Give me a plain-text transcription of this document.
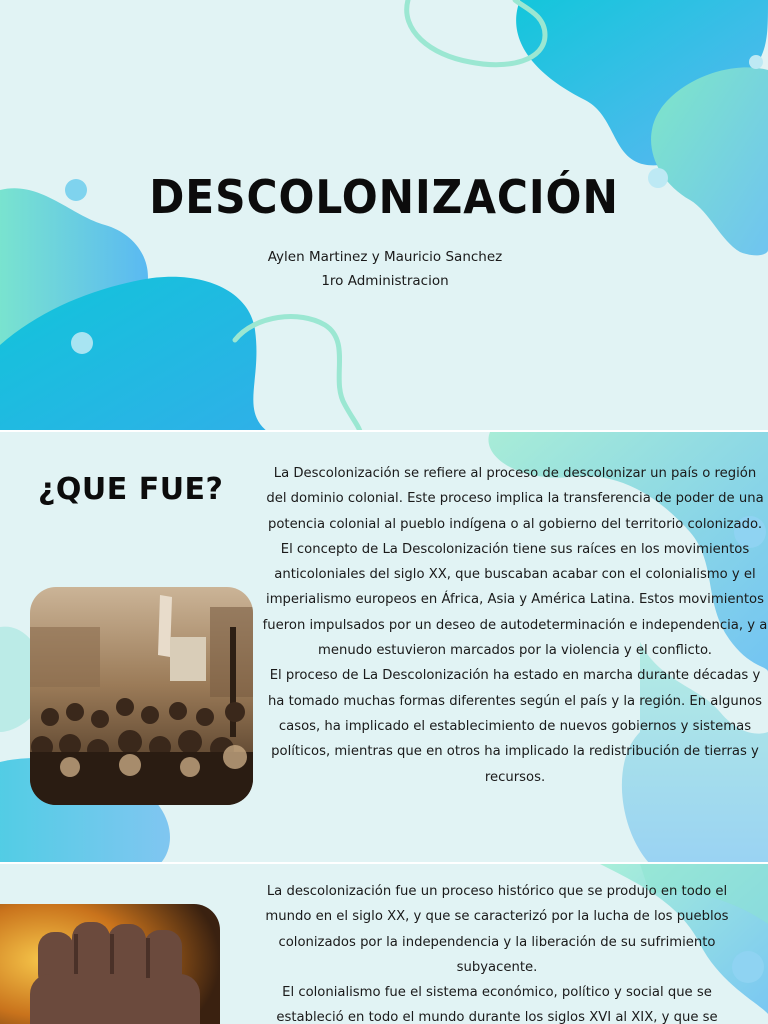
DESCOLONIZACIÓN

Aylen Martinez y Mauricio Sanchez

1ro Administracion

¿QUE FUE?	La Descolonización se refiere al proceso de descolonizar un país o región del dominio colonial. Este proceso implica la transferencia de poder de una potencia colonial al pueblo indígena o al gobierno del territorio colonizado.

El concepto de La Descolonización tiene sus raíces en los movimientos anticoloniales del siglo XX, que buscaban acabar con el colonialismo y el imperialismo europeos en África, Asia y América Latina. Estos movimientos fueron impulsados por un deseo de autodeterminación e independencia, y a menudo estuvieron marcados por la violencia y el conflicto.

El proceso de La Descolonización ha estado en marcha durante décadas y ha tomado muchas formas diferentes según el país y la región. En algunos casos, ha implicado el establecimiento de nuevos gobiernos y sistemas políticos, mientras que en otros ha implicado la redistribución de tierras y recursos.

La descolonización fue un proceso histórico que se produjo en todo el mundo en el siglo XX, y que se caracterizó por la lucha de los pueblos colonizados por la independencia y la liberación de su sufrimiento subyacente.

El colonialismo fue el sistema económico, político y social que se estableció en todo el mundo durante los siglos XVI al XIX, y que se
